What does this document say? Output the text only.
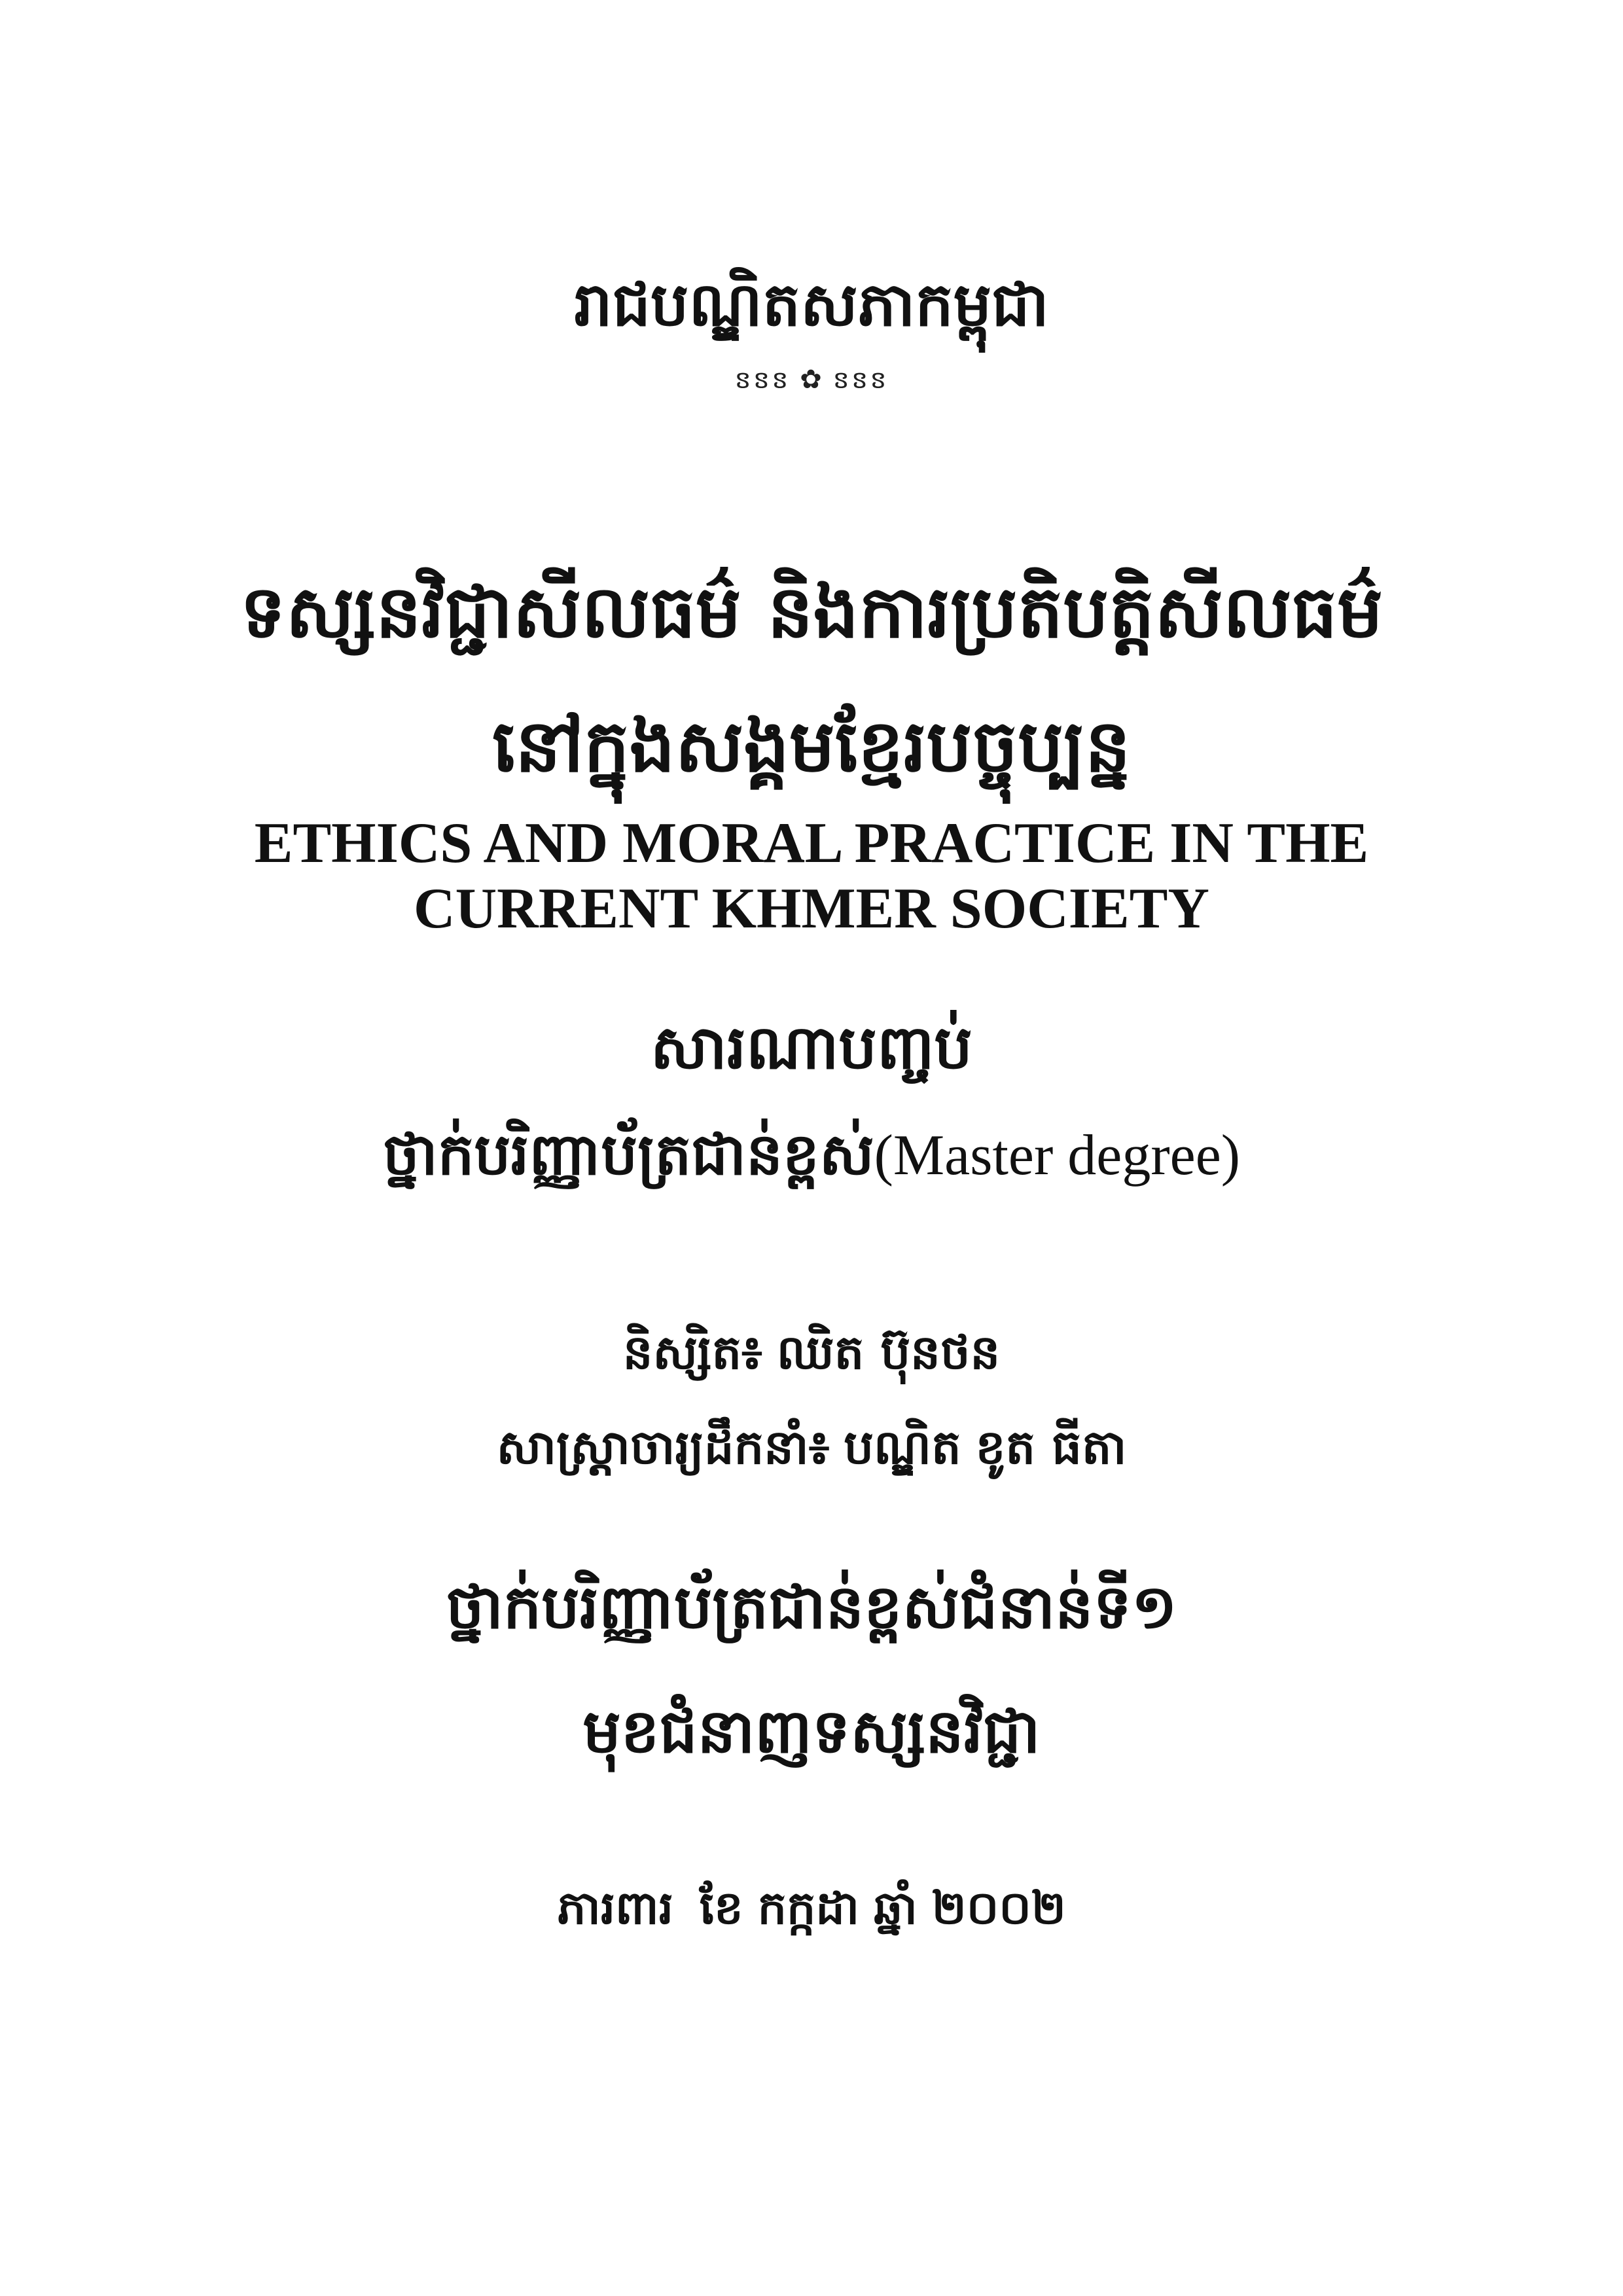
រាជបណ្ឌិតសភាកម្ពុជា
ៜៜៜ ✿ ៜៜៜ
ទស្សនវិជ្ជាសីលធម៌ និងការប្រតិបត្តិសីលធម៌
នៅក្នុងសង្គមខ្មែរបច្ចុប្បន្ន
ETHICS AND MORAL PRACTICE IN THE
CURRENT KHMER SOCIETY
សារណាបញ្ចប់
ថ្នាក់បរិញ្ញាប័ត្រជាន់ខ្ពស់(Master degree)
និស្សិត៖ ឈិត ប៊ុនថន
សាស្ត្រាចារ្យដឹកនាំ៖ បណ្ឌិត ខូត ធីតា
ថ្នាក់បរិញ្ញាប័ត្រជាន់ខ្ពស់ជំនាន់ទី១
មុខជំនាញទស្សនវិជ្ជា
ភារពារ ខែ កក្កដា ឆ្នាំ ២០០២
